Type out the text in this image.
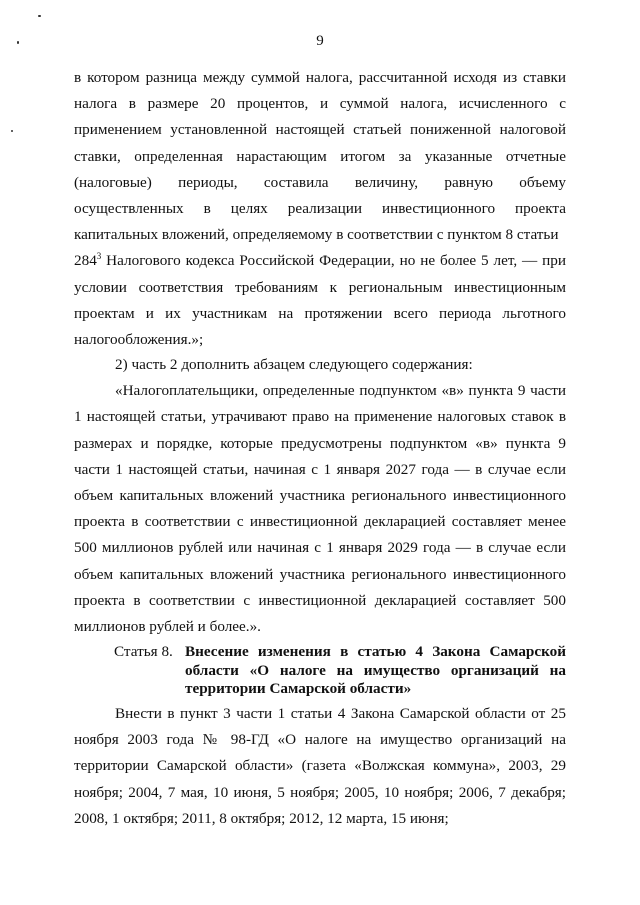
9

в котором разница между суммой налога, рассчитанной исходя из ставки налога в размере 20 процентов, и суммой налога, исчисленного с применением установленной настоящей статьей пониженной налоговой ставки, определенная нарастающим итогом за указанные отчетные (налоговые) периоды, составила величину, равную объему осуществленных в целях реализации инвестиционного проекта капитальных вложений, определяемому в соответствии с пунктом 8 статьи
$284^3$ Налогового кодекса Российской Федерации, но не более 5 лет, –– при условии соответствия требованиям к региональным инвестиционным проектам и их участникам на протяжении всего периода льготного налогообложения.»;

2) часть 2 дополнить абзацем следующего содержания:

«Налогоплательщики, определенные подпунктом «в» пункта 9 части 1 настоящей статьи, утрачивают право на применение налоговых ставок в размерах и порядке, которые предусмотрены подпунктом «в» пункта 9 части 1 настоящей статьи, начиная с 1 января 2027 года — в случае если объем капитальных вложений участника регионального инвестиционного проекта в соответствии с инвестиционной декларацией составляет менее 500 миллионов рублей или начиная с 1 января 2029 года — в случае если объем капитальных вложений участника регионального инвестиционного проекта в соответствии с инвестиционной декларацией составляет 500 миллионов рублей и более.».

Статья 8. Внесение изменения в статью 4 Закона Самарской области «О налоге на имущество организаций на территории Самарской области»

Внести в пункт 3 части 1 статьи 4 Закона Самарской области от 25 ноября 2003 года № 98-ГД «О налоге на имущество организаций на территории Самарской области» (газета «Волжская коммуна», 2003, 29 ноября; 2004, 7 мая, 10 июня, 5 ноября; 2005, 10 ноября; 2006, 7 декабря; 2008, 1 октября; 2011, 8 октября; 2012, 12 марта, 15 июня;
